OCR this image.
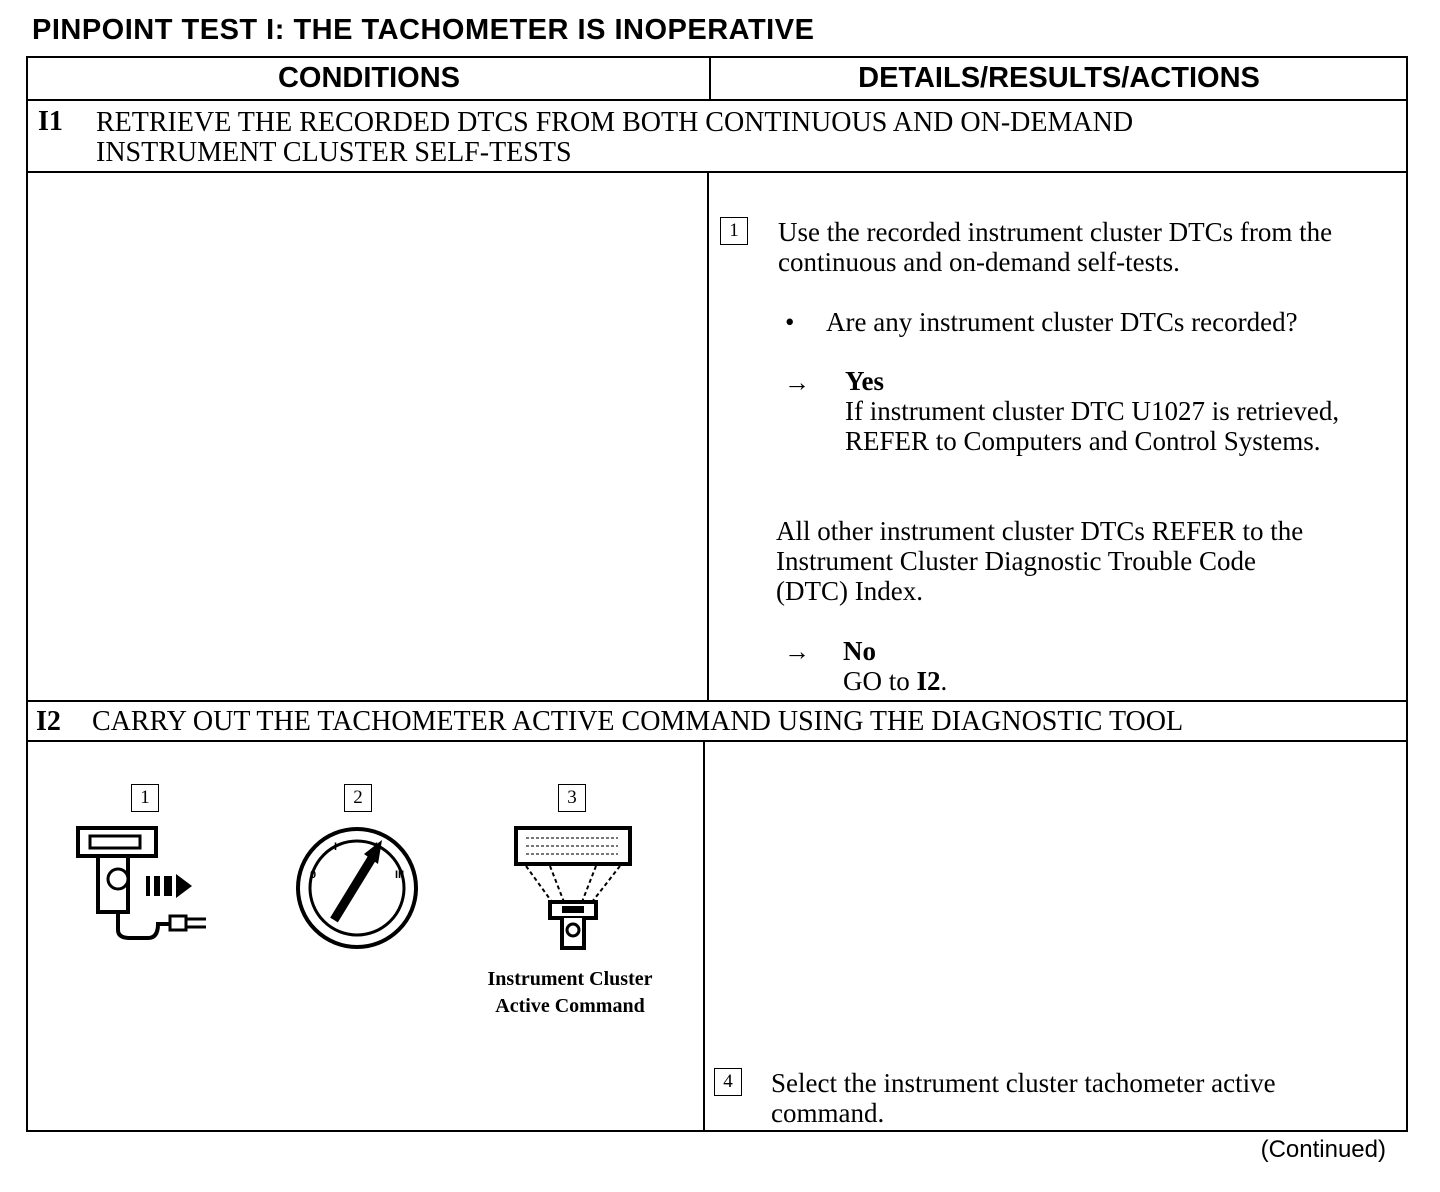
PINPOINT TEST I: THE TACHOMETER IS INOPERATIVE
CONDITIONS	DETAILS/RESULTS/ACTIONS
I1 RETRIEVE THE RECORDED DTCS FROM BOTH CONTINUOUS AND ON-DEMAND
INSTRUMENT CLUSTER SELF-TESTS
1	Use the recorded instrument cluster DTCs from the
continuous and on-demand self-tests.
• Are any instrument cluster DTCs recorded?
→ Yes
If instrument cluster DTC U1027 is retrieved,
REFER to Computers and Control Systems.
All other instrument cluster DTCs REFER to the
Instrument Cluster Diagnostic Trouble Code
(DTC) Index.
→ No
GO to I2.
I2 CARRY OUT THE TACHOMETER ACTIVE COMMAND USING THE DIAGNOSTIC TOOL
1	2	3
0
I
III
Instrument Cluster
Active Command
4	Select the instrument cluster tachometer active
command.
(Continued)
